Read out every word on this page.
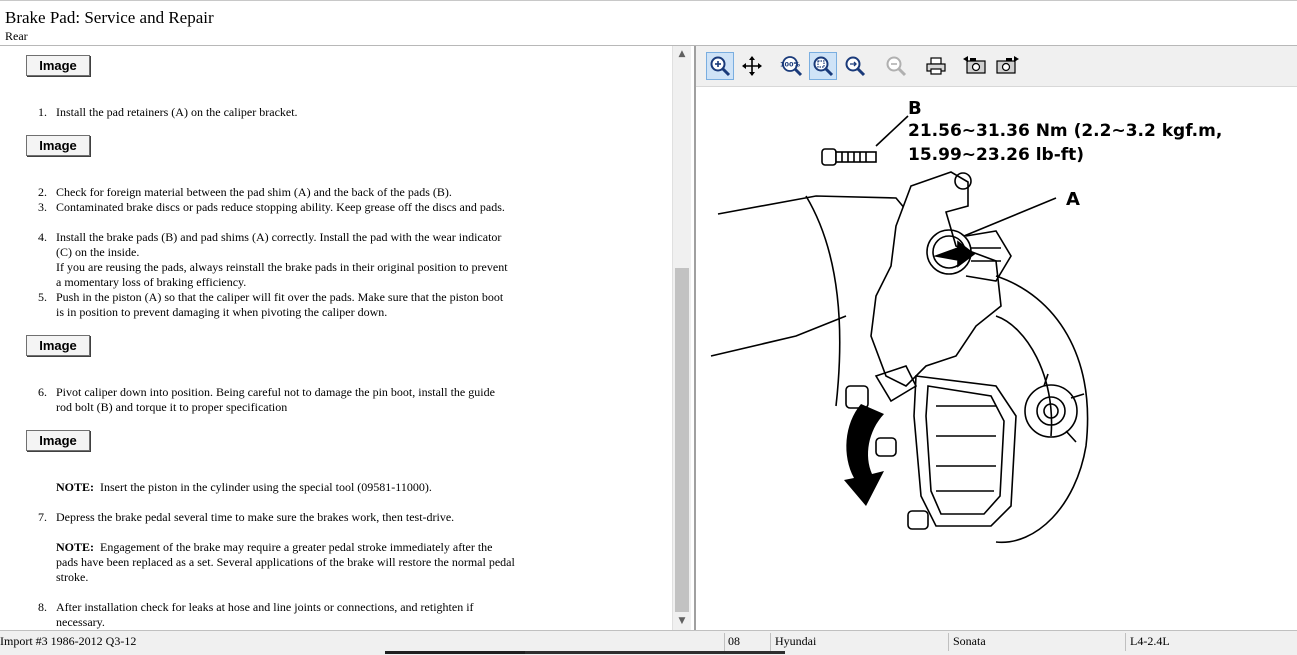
Brake Pad: Service and Repair
Rear
Image
1. Install the pad retainers (A) on the caliper bracket.
Image
2. Check for foreign material between the pad shim (A) and the back of the pads (B).
3. Contaminated brake discs or pads reduce stopping ability. Keep grease off the discs and pads.
4. Install the brake pads (B) and pad shims (A) correctly. Install the pad with the wear indicator (C) on the inside.
If you are reusing the pads, always reinstall the brake pads in their original position to prevent a momentary loss of braking efficiency.
5. Push in the piston (A) so that the caliper will fit over the pads. Make sure that the piston boot is in position to prevent damaging it when pivoting the caliper down.
Image
6. Pivot caliper down into position. Being careful not to damage the pin boot, install the guide rod bolt (B) and torque it to proper specification
Image
NOTE: Insert the piston in the cylinder using the special tool (09581-11000).
7. Depress the brake pedal several time to make sure the brakes work, then test-drive.
NOTE: Engagement of the brake may require a greater pedal stroke immediately after the pads have been replaced as a set. Several applications of the brake will restore the normal pedal stroke.
8. After installation check for leaks at hose and line joints or connections, and retighten if necessary.
▲
▼
100%
B
21.56~31.36 Nm (2.2~3.2 kgf.m,
15.99~23.26 lb-ft)
A
Import #3 1986-2012 Q3-12	08	Hyundai	Sonata	L4-2.4L
